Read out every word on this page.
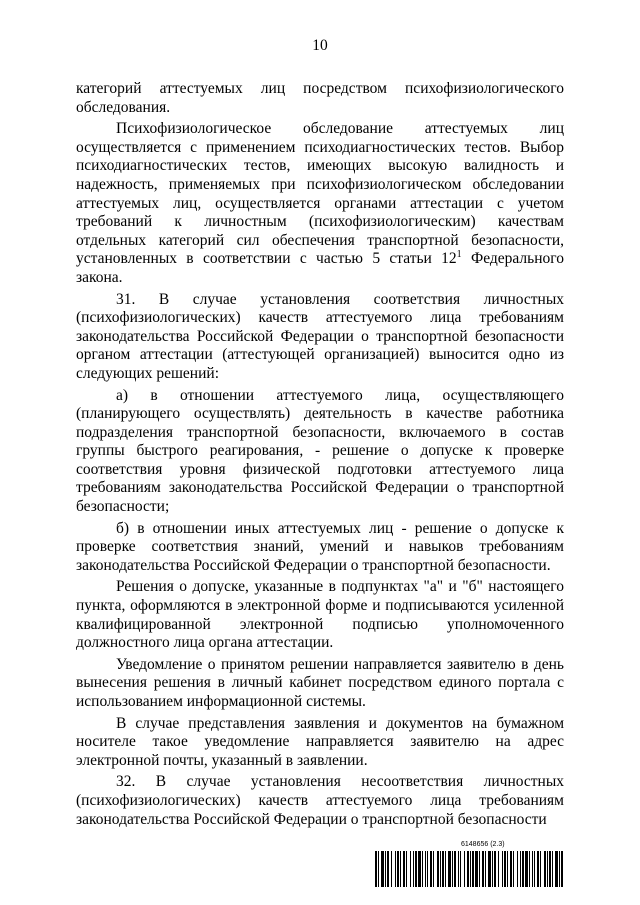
10

категорий аттестуемых лиц посредством психофизиологического обследования.

Психофизиологическое обследование аттестуемых лиц осуществляется с применением психодиагностических тестов. Выбор психодиагностических тестов, имеющих высокую валидность и надежность, применяемых при психофизиологическом обследовании аттестуемых лиц, осуществляется органами аттестации с учетом требований к личностным (психофизиологическим) качествам отдельных категорий сил обеспечения транспортной безопасности, установленных в соответствии с частью 5 статьи $12^1$ Федерального закона.

31. В случае установления соответствия личностных (психофизиологических) качеств аттестуемого лица требованиям законодательства Российской Федерации о транспортной безопасности органом аттестации (аттестующей организацией) выносится одно из следующих решений:

а) в отношении аттестуемого лица, осуществляющего (планирующего осуществлять) деятельность в качестве работника подразделения транспортной безопасности, включаемого в состав группы быстрого реагирования, - решение о допуске к проверке соответствия уровня физической подготовки аттестуемого лица требованиям законодательства Российской Федерации о транспортной безопасности;

б) в отношении иных аттестуемых лиц - решение о допуске к проверке соответствия знаний, умений и навыков требованиям законодательства Российской Федерации о транспортной безопасности.

Решения о допуске, указанные в подпунктах "а" и "б" настоящего пункта, оформляются в электронной форме и подписываются усиленной квалифицированной электронной подписью уполномоченного должностного лица органа аттестации.

Уведомление о принятом решении направляется заявителю в день вынесения решения в личный кабинет посредством единого портала с использованием информационной системы.

В случае представления заявления и документов на бумажном носителе такое уведомление направляется заявителю на адрес электронной почты, указанный в заявлении.

32. В случае установления несоответствия личностных (психофизиологических) качеств аттестуемого лица требованиям законодательства Российской Федерации о транспортной безопасности

6148656 (2.3)
